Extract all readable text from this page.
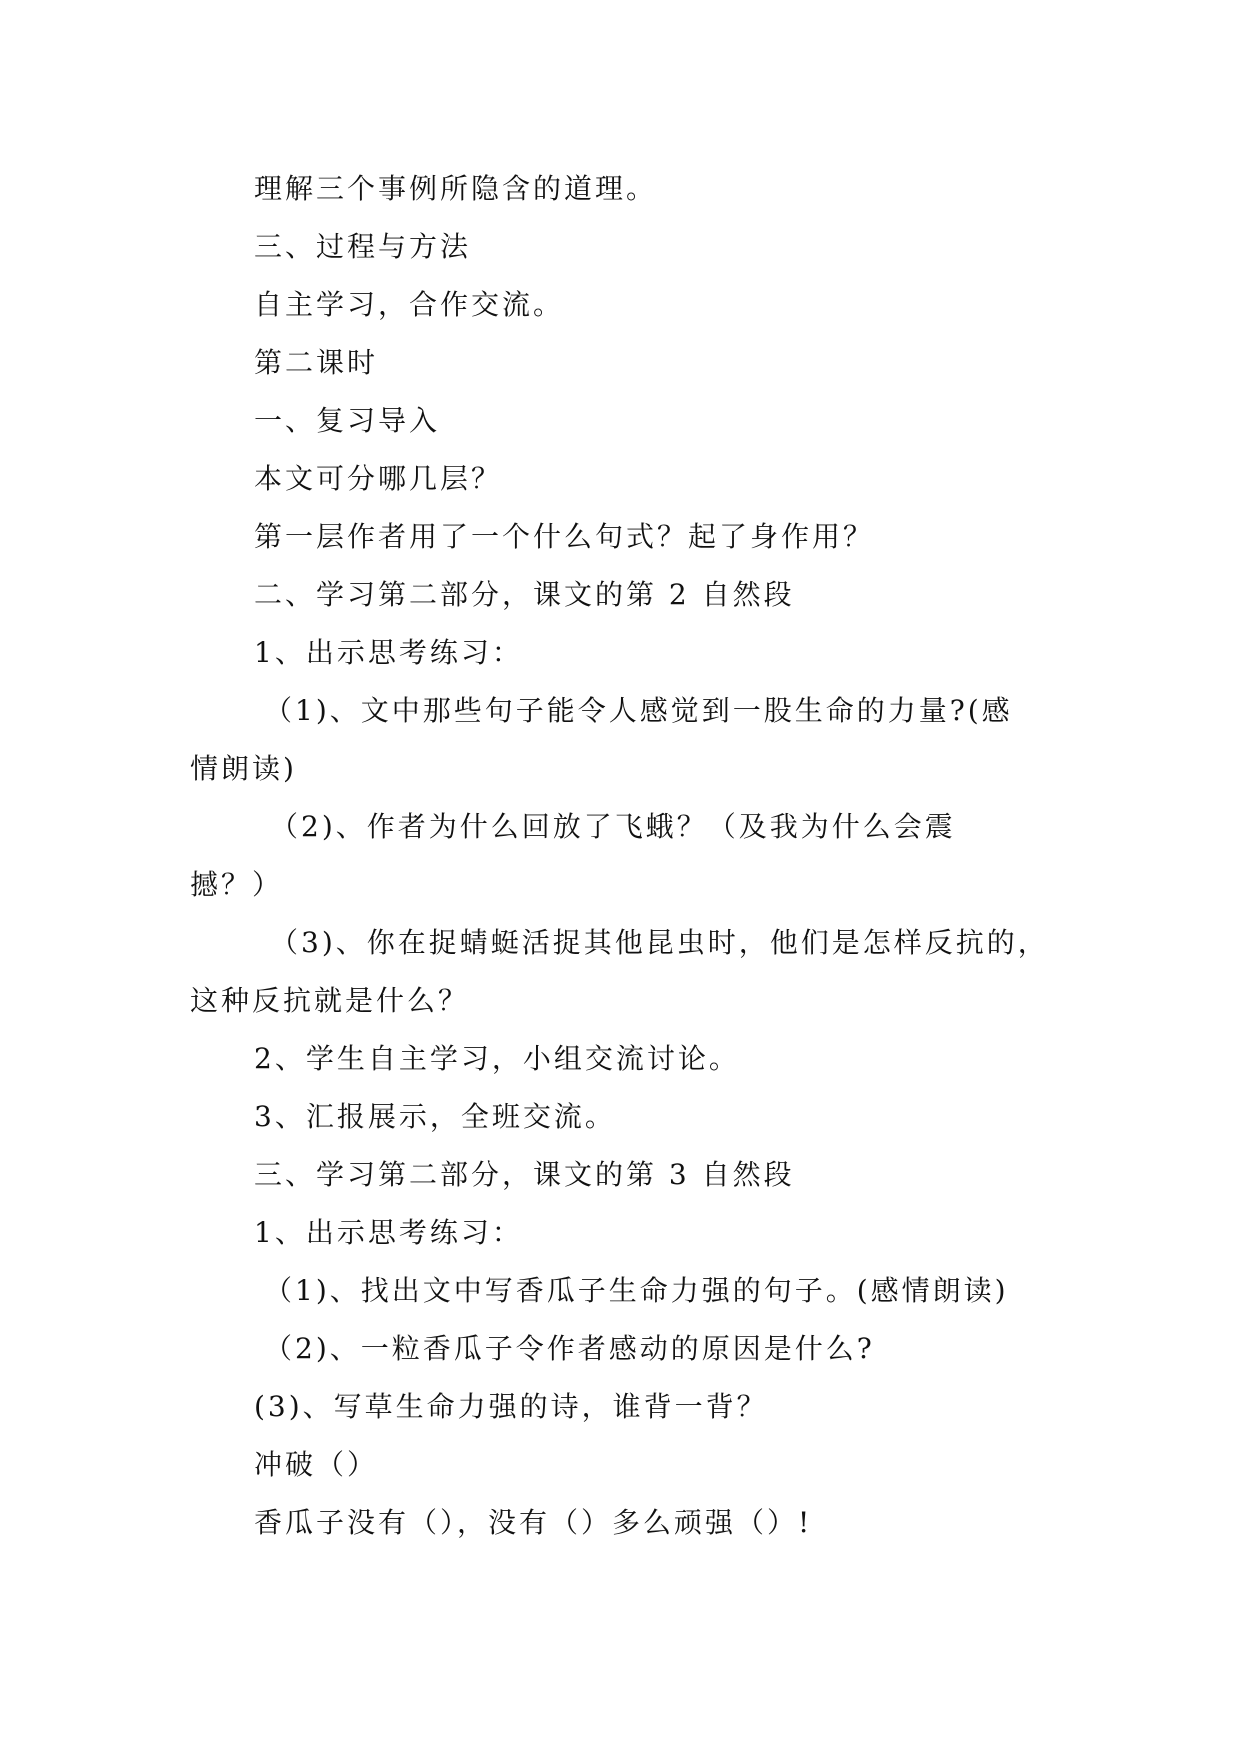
理解三个事例所隐含的道理。
三、过程与方法
自主学习，合作交流。
第二课时
一、复习导入
本文可分哪几层？
第一层作者用了一个什么句式？起了身作用？
二、学习第二部分，课文的第 2 自然段
1、出示思考练习：
（1)、文中那些句子能令人感觉到一股生命的力量?(感
情朗读)
（2)、作者为什么回放了飞蛾？（及我为什么会震
撼？）
（3)、你在捉蜻蜓活捉其他昆虫时，他们是怎样反抗的，
这种反抗就是什么？
2、学生自主学习，小组交流讨论。
3、汇报展示，全班交流。
三、学习第二部分，课文的第 3 自然段
1、出示思考练习：
（1)、找出文中写香瓜子生命力强的句子。(感情朗读)
（2)、一粒香瓜子令作者感动的原因是什么?
(3)、写草生命力强的诗，谁背一背？
冲破（）
香瓜子没有（），没有（）多么顽强（）!
